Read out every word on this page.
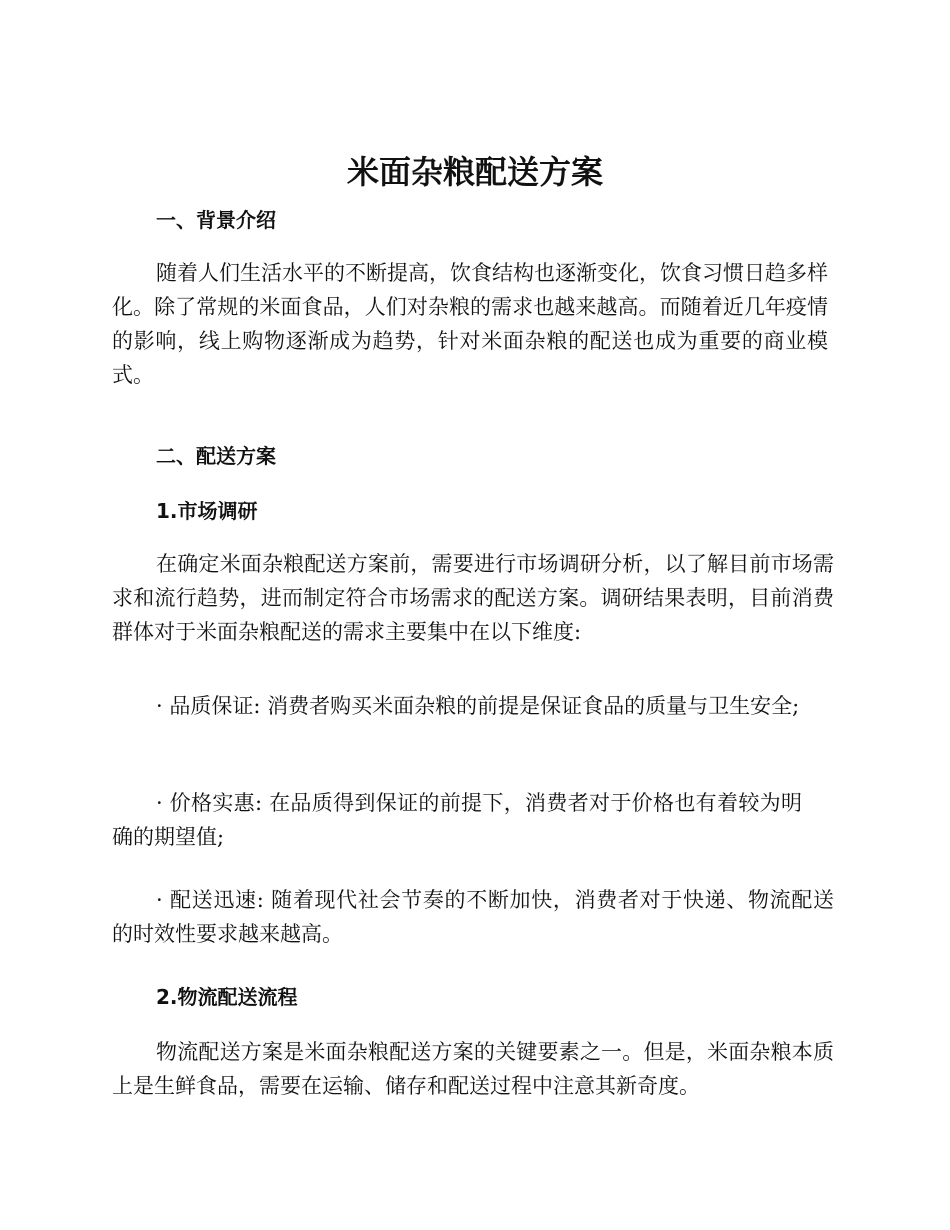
米面杂粮配送方案
一、背景介绍

随着人们生活水平的不断提高，饮食结构也逐渐变化，饮食习惯日趋多样化。除了常规的米面食品，人们对杂粮的需求也越来越高。而随着近几年疫情的影响，线上购物逐渐成为趋势，针对米面杂粮的配送也成为重要的商业模式。

二、配送方案
1.市场调研

在确定米面杂粮配送方案前，需要进行市场调研分析，以了解目前市场需求和流行趋势，进而制定符合市场需求的配送方案。调研结果表明，目前消费群体对于米面杂粮配送的需求主要集中在以下维度:

· 品质保证: 消费者购买米面杂粮的前提是保证食品的质量与卫生安全;

· 价格实惠: 在品质得到保证的前提下，消费者对于价格也有着较为明确的期望值;

· 配送迅速: 随着现代社会节奏的不断加快，消费者对于快递、物流配送的时效性要求越来越高。

2.物流配送流程

物流配送方案是米面杂粮配送方案的关键要素之一。但是，米面杂粮本质上是生鲜食品，需要在运输、储存和配送过程中注意其新奇度。
